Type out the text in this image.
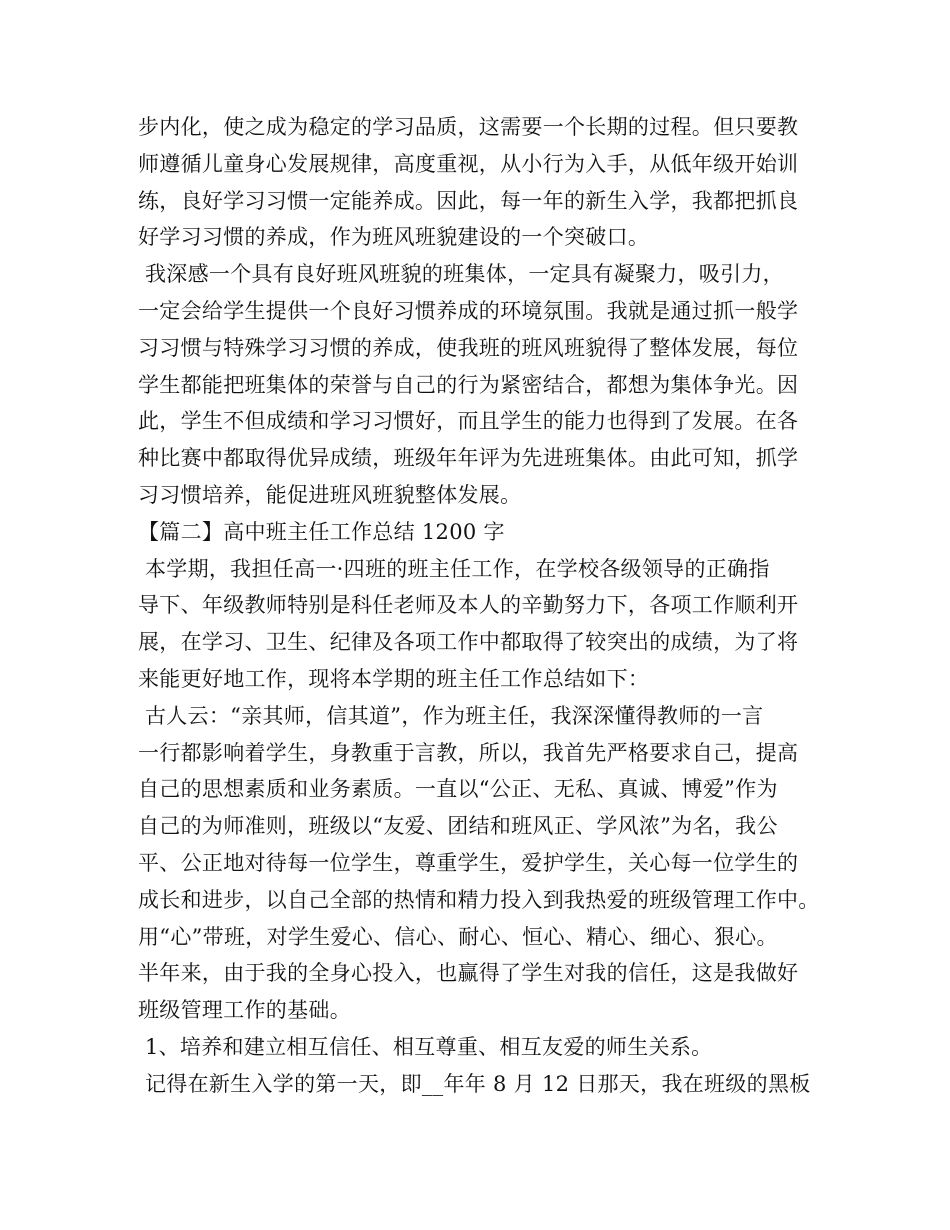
步内化，使之成为稳定的学习品质，这需要一个长期的过程。但只要教
师遵循儿童身心发展规律，高度重视，从小行为入手，从低年级开始训
练，良好学习习惯一定能养成。因此，每一年的新生入学，我都把抓良
好学习习惯的养成，作为班风班貌建设的一个突破口。
我深感一个具有良好班风班貌的班集体，一定具有凝聚力，吸引力，
一定会给学生提供一个良好习惯养成的环境氛围。我就是通过抓一般学
习习惯与特殊学习习惯的养成，使我班的班风班貌得了整体发展，每位
学生都能把班集体的荣誉与自己的行为紧密结合，都想为集体争光。因
此，学生不但成绩和学习习惯好，而且学生的能力也得到了发展。在各
种比赛中都取得优异成绩，班级年年评为先进班集体。由此可知，抓学
习习惯培养，能促进班风班貌整体发展。
【篇二】高中班主任工作总结 1200 字
本学期，我担任高一·四班的班主任工作，在学校各级领导的正确指
导下、年级教师特别是科任老师及本人的辛勤努力下，各项工作顺利开
展，在学习、卫生、纪律及各项工作中都取得了较突出的成绩，为了将
来能更好地工作，现将本学期的班主任工作总结如下：
古人云：“亲其师，信其道”，作为班主任，我深深懂得教师的一言
一行都影响着学生，身教重于言教，所以，我首先严格要求自己，提高
自己的思想素质和业务素质。一直以“公正、无私、真诚、博爱”作为
自己的为师准则，班级以“友爱、团结和班风正、学风浓”为名，我公
平、公正地对待每一位学生，尊重学生，爱护学生，关心每一位学生的
成长和进步，以自己全部的热情和精力投入到我热爱的班级管理工作中。
用“心”带班，对学生爱心、信心、耐心、恒心、精心、细心、狠心。
半年来，由于我的全身心投入，也赢得了学生对我的信任，这是我做好
班级管理工作的基础。
1、培养和建立相互信任、相互尊重、相互友爱的师生关系。
记得在新生入学的第一天，即__年年 8 月 12 日那天，我在班级的黑板
